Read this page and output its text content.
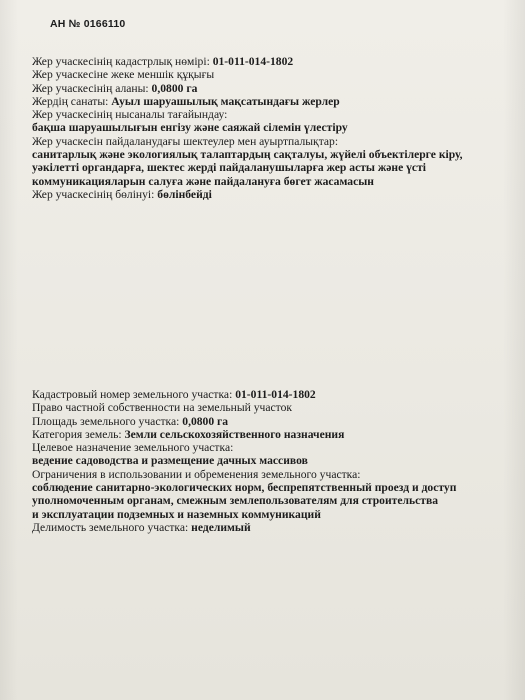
АН № 0166110
Жер учаскесiнiң кадастрлық нөмiрi: 01-011-014-1802
Жер учаскесiне жеке меншiк құқығы
Жер учаскесiнiң аланы: 0,0800 га
Жердiң санаты: Ауыл шаруашылық мақсатындағы жерлер
Жер учаскесiнiң нысаналы тағайындау:
бақша шаруашылығын енгiзу және саяжай сiлемiн үлестiру
Жер учаскесiн пайдаланудағы шектеулер мен ауыртпалықтар:
санитарлық және экологиялық талаптардың сақталуы, жүйелi объектiлерге кiру,
уәкiлеттi органдарға, шектес жердi пайдаланушыларға жер асты және үстi
коммуникацияларын салуға және пайдалануға бөгет жасамасын
Жер учаскесiнiң бөлiнуi: бөлiнбейдi
Кадастровый номер земельного участка: 01-011-014-1802
Право частной собственности на земельный участок
Площадь земельного участка: 0,0800 га
Категория земель: Земли сельскохозяйственного назначения
Целевое назначение земельного участка:
ведение садоводства и размещение дачных массивов
Ограничения в использовании и обременения земельного участка:
соблюдение санитарно-экологических норм, беспрепятственный проезд и доступ
уполномоченным органам, смежным землепользователям для строительства
и эксплуатации подземных и наземных коммуникаций
Делимость земельного участка: неделимый
